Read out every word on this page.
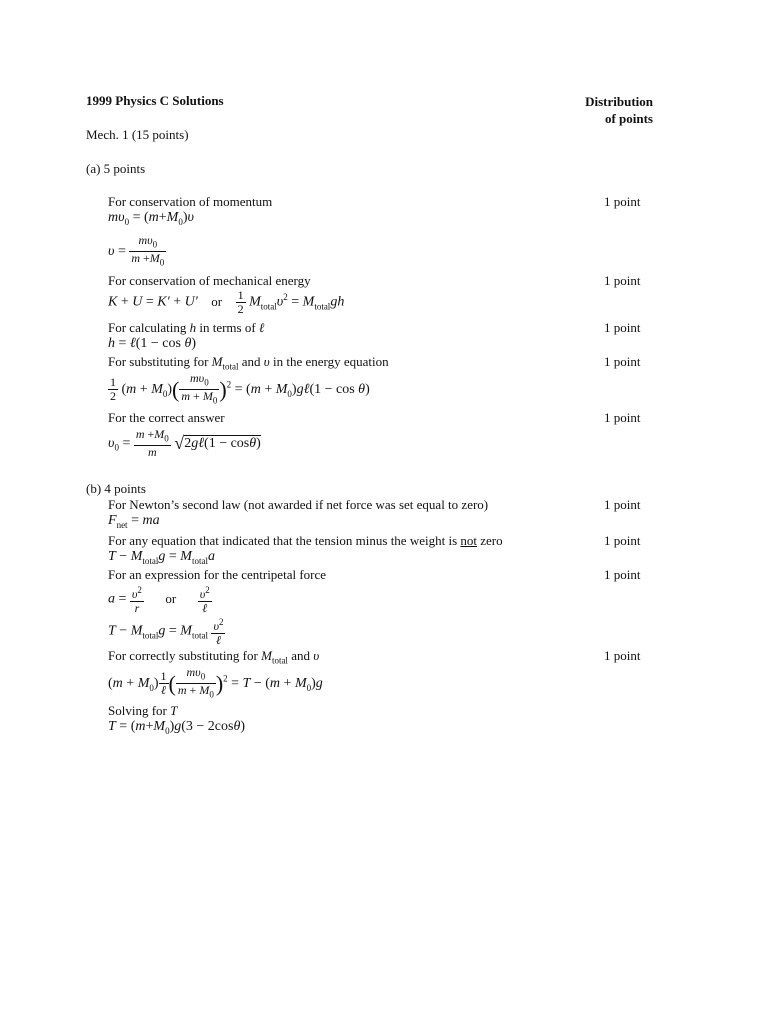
1999 Physics C Solutions	Distribution
of points
Mech. 1 (15 points)
(a) 5 points
For conservation of momentum	1 point
$m\upsilon_0 = (m+M_0)\upsilon$
$\upsilon = \frac{m\upsilon_0}{m +M_0}$
For conservation of mechanical energy	1 point
K + U = K′ + U′ or $\frac{1}{2} M_{total}\upsilon^2 = M_{total}gh$
For calculating h in terms of ℓ	1 point
h = ℓ(1 − cos θ)
For substituting for $M_{total}$ and υ in the energy equation	1 point
$\frac{1}{2} (m + M_0)( \frac{m\upsilon_0}{m + M_0} )^2 = (m$ + $M_0)g\ell(1 - \cos \theta)$
For the correct answer	1 point
$\upsilon_0 = \frac{m +M_0}{m}$ √2gℓ(1 − cosθ)
(b) 4 points
For Newton’s second law (not awarded if net force was set equal to zero)	1 point
$F_{net}$ = ma
For any equation that indicated that the tension minus the weight is not zero	1 point
$T - M_{total}g = M_{total}a$
For an expression for the centripetal force	1 point
$a = \frac{\upsilon^2}{r}$ or $\frac{\upsilon^2}{\text{ℓ}}$
$T - M_{total}g = M_{total} \frac{\upsilon^2}{\text{ℓ}}$
For correctly substituting for $M_{total}$ and υ	1 point
$(m + M_0) \frac{1}{\text{ℓ}}$ ( $\frac{m\upsilon_0}{m + M_0} )^2 = T - (m + M_0)g$
Solving for T
$T = (m+M_0)g(3 - 2\cos\theta)$
